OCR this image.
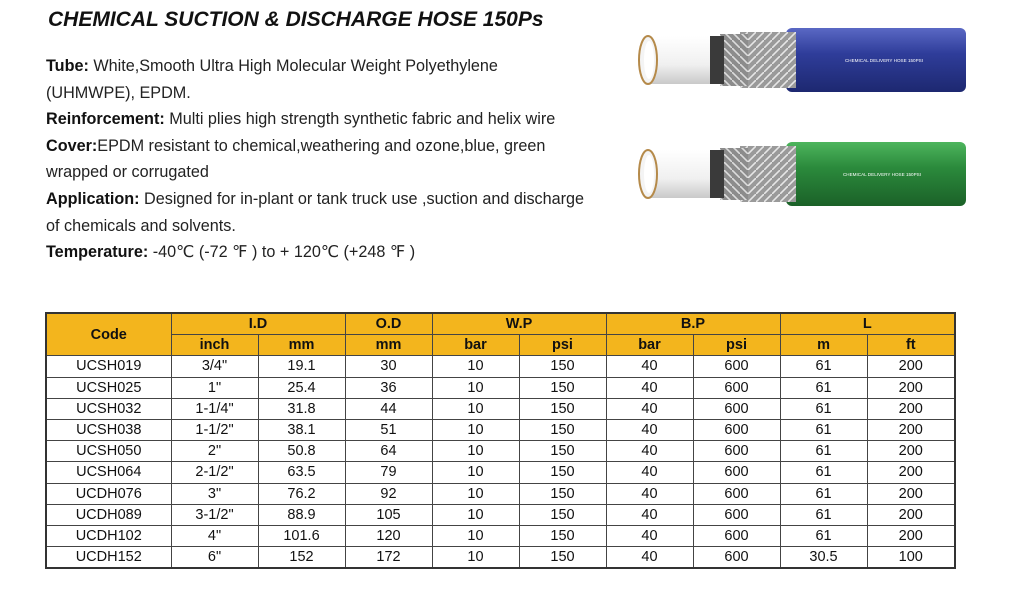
CHEMICAL SUCTION & DISCHARGE HOSE 150Ps

Tube: White,Smooth Ultra High Molecular Weight Polyethylene (UHMWPE), EPDM.

Reinforcement: Multi plies high strength synthetic fabric and helix wire

Cover:EPDM resistant to chemical,weathering and ozone,blue, green wrapped or corrugated

Application: Designed for in-plant or tank truck use ,suction and discharge of chemicals and solvents.

Temperature: -40℃ (-72 ℉ ) to + 120℃ (+248 ℉ )

CHEMICAL DELIVERY HOSE 150PSI
CHEMICAL DELIVERY HOSE 150PSI
Code	I.D		O.D	W.P		B.P		L	
	inch	mm	mm	bar	psi	bar	psi	m	ft
UCSH019	3/4"	19.1	30	10	150	40	600	61	200
UCSH025	1"	25.4	36	10	150	40	600	61	200
UCSH032	1-1/4"	31.8	44	10	150	40	600	61	200
UCSH038	1-1/2"	38.1	51	10	150	40	600	61	200
UCSH050	2"	50.8	64	10	150	40	600	61	200
UCSH064	2-1/2"	63.5	79	10	150	40	600	61	200
UCDH076	3"	76.2	92	10	150	40	600	61	200
UCDH089	3-1/2"	88.9	105	10	150	40	600	61	200
UCDH102	4"	101.6	120	10	150	40	600	61	200
UCDH152	6"	152	172	10	150	40	600	30.5	100
